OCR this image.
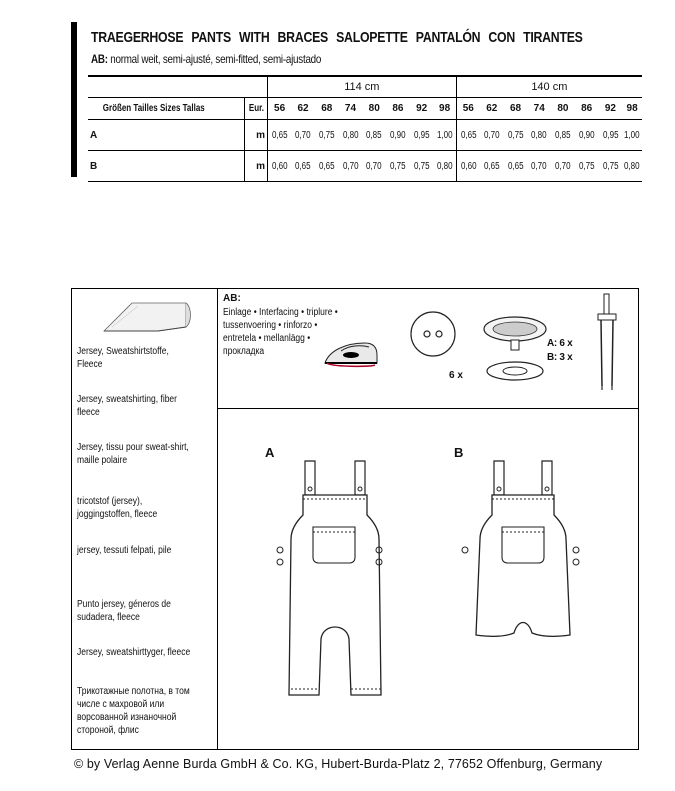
TRAEGERHOSE PANTS WITH BRACES SALOPETTE PANTALÓN CON TIRANTES
AB: normal weit, semi-ajusté, semi-fitted, semi-ajustado
		114 cm								140 cm							
Größen Tailles Sizes Tallas	Eur.	56	62	68	74	80	86	92	98	56	62	68	74	80	86	92	98
A	m	0,65	0,70	0,75	0,80	0,85	0,90	0,95	1,00	0,65	0,70	0,75	0,80	0,85	0,90	0,95	1,00
B	m	0,60	0,65	0,65	0,70	0,70	0,75	0,75	0,80	0,60	0,65	0,65	0,70	0,70	0,75	0,75	0,80
Jersey, Sweatshirtstoffe, Fleece
Jersey, sweatshirting, fiber fleece
Jersey, tissu pour sweat-shirt, maille polaire
tricotstof (jersey), joggingstoffen, fleece
jersey, tessuti felpati, pile
Punto jersey, géneros de sudadera, fleece
Jersey, sweatshirttyger, fleece
Трикотажные полотна, в том числе с махровой или ворсованной изнаночной стороной, флис
AB:
Einlage • Interfacing • triplure • tussenvoering • rinforzo • entretela • mellanlägg • прокладка
6 x
A: 6 x
B: 3 x
A	B
© by Verlag Aenne Burda GmbH & Co. KG, Hubert-Burda-Platz 2, 77652 Offenburg, Germany
